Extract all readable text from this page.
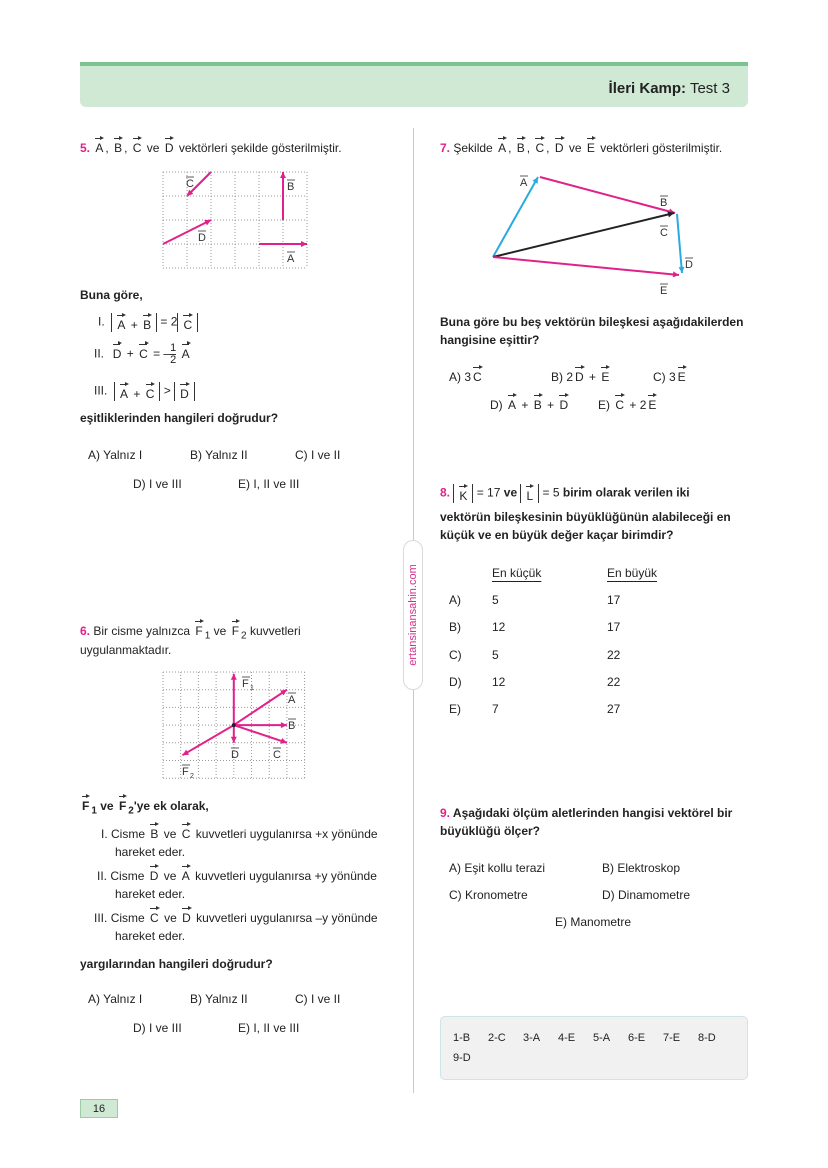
İleri Kamp: Test 3
ertansinansahin.com
5. A , B , C ve D vektörleri şekilde gösterilmiştir.
C	B
D
A
Buna göre,
I. A + B = 2 C
II. D + C = – $\frac{1}{2}$ A
III. A + C > D
eşitliklerinden hangileri doğrudur?
A) Yalnız I	B) Yalnız II	C) I ve II
D) I ve III	E) I, II ve III
6. Bir cisme yalnızca F $_1$ ve F $_2$ kuvvetleri
uygulanmaktadır.
F 1
A
B
C
D
F 2
F $_1$ ve F $_2$'ye ek olarak,
I. Cisme B ve C kuvvetleri uygulanırsa +x yönünde
hareket eder.
II. Cisme D ve A kuvvetleri uygulanırsa +y yönünde
hareket eder.
III. Cisme C ve D kuvvetleri uygulanırsa –y yönünde
hareket eder.
yargılarından hangileri doğrudur?
A) Yalnız I	B) Yalnız II	C) I ve II
D) I ve III	E) I, II ve III
7. Şekilde A , B , C , D ve E vektörleri gösterilmiştir.
A
B
C
D
E
Buna göre bu beş vektörün bileşkesi aşağıdakilerden
hangisine eşittir?
A) 3 C	B) 2 D + E	C) 3 E
D) A + B + D E) C + 2 E
8. K = 17 ve L = 5 birim olarak verilen iki
vektörün bileşkesinin büyüklüğünün alabileceği en
küçük ve en büyük değer kaçar birimdir?
En küçük	En büyük
A)	5	17
B)	12	17
C)	5	22
D)	12	22
E)	7	27
9. Aşağıdaki ölçüm aletlerinden hangisi vektörel bir
büyüklüğü ölçer?
A) Eşit kollu terazi	B) Elektroskop
C) Kronometre	D) Dinamometre
E) Manometre
1-B 2-C 3-A 4-E 5-A 6-E 7-E 8-D
9-D
16
